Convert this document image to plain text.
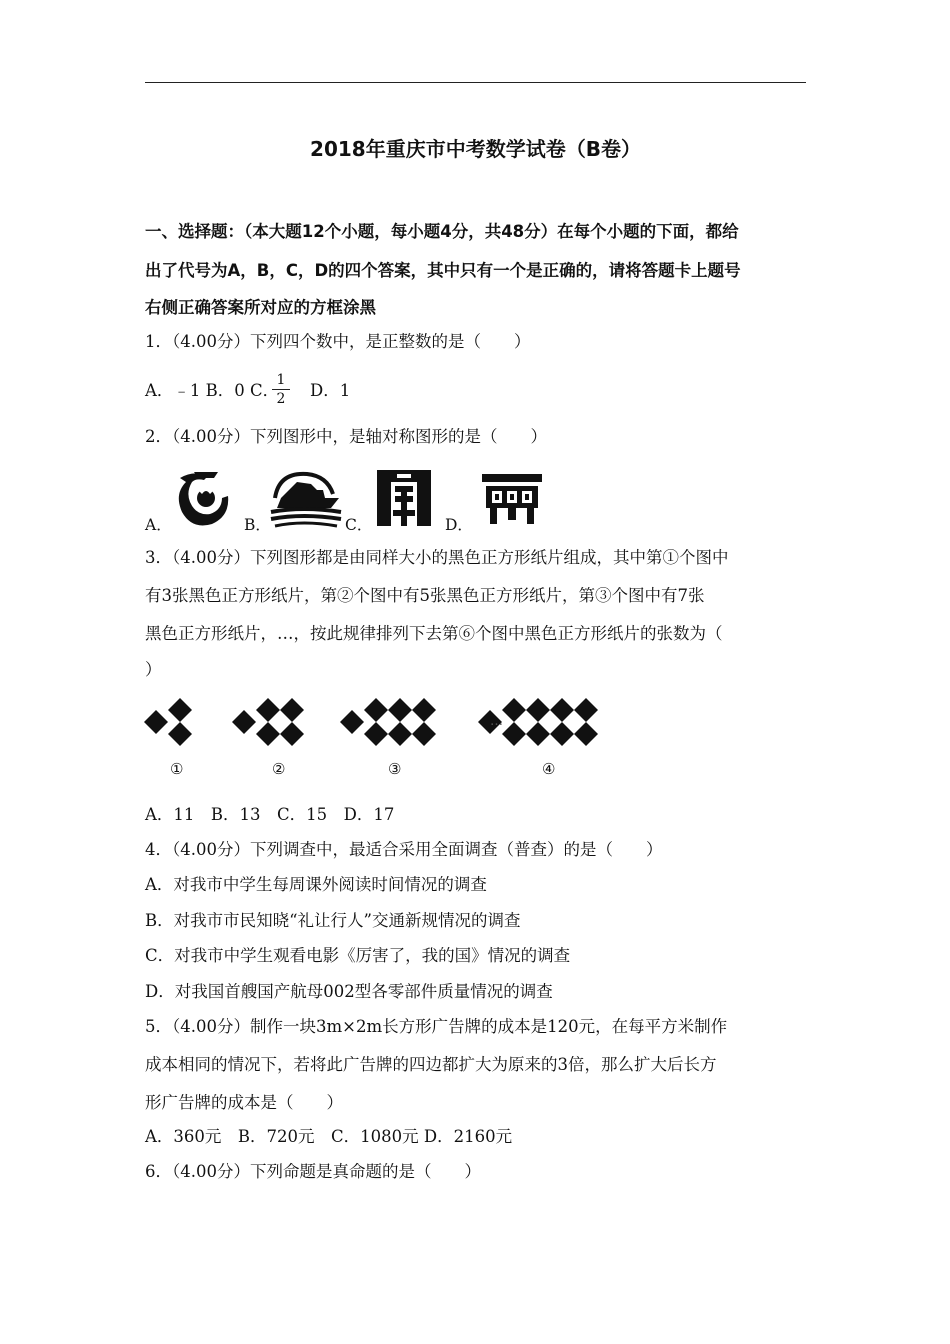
2018年重庆市中考数学试卷（B卷）
一、选择题：（本大题12个小题，每小题4分，共48分）在每个小题的下面，都给
出了代号为A，B，C，D的四个答案，其中只有一个是正确的，请将答题卡上题号
右侧正确答案所对应的方框涂黑
1．（4.00分）下列四个数中，是正整数的是（　　）
A．﹣1 B．0 C．
1
2 D．1
2．（4.00分）下列图形中，是轴对称图形的是（　　）
A．	B．	C．	D．
3．（4.00分）下列图形都是由同样大小的黑色正方形纸片组成，其中第①个图中
有3张黑色正方形纸片，第②个图中有5张黑色正方形纸片，第③个图中有7张
黑色正方形纸片，…，按此规律排列下去第⑥个图中黑色正方形纸片的张数为（
）
…
①	②	③	④
A．11　B．13　C．15　D．17
4．（4.00分）下列调查中，最适合采用全面调查（普查）的是（　　）
A．对我市中学生每周课外阅读时间情况的调查
B．对我市市民知晓“礼让行人”交通新规情况的调查
C．对我市中学生观看电影《厉害了，我的国》情况的调查
D．对我国首艘国产航母002型各零部件质量情况的调查
5．（4.00分）制作一块3m×2m长方形广告牌的成本是120元，在每平方米制作
成本相同的情况下，若将此广告牌的四边都扩大为原来的3倍，那么扩大后长方
形广告牌的成本是（　　）
A．360元　B．720元　C．1080元 D．2160元
6．（4.00分）下列命题是真命题的是（　　）
